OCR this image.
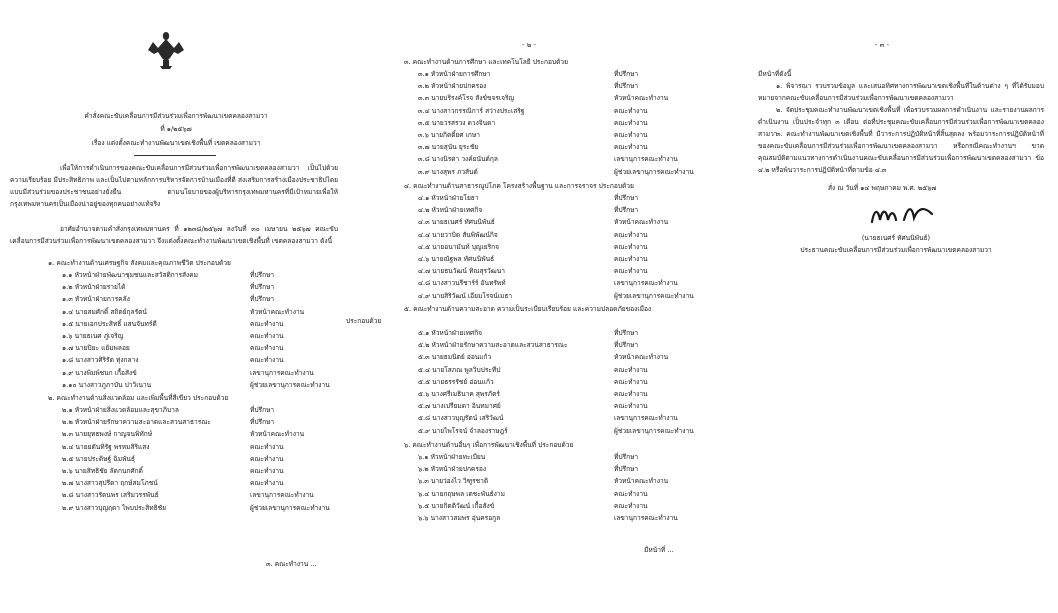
คำสั่งคณะขับเคลื่อนการมีส่วนร่วมเพื่อการพัฒนาเขตคลองสามวา
ที่ ๑/๒๕๖๗
เรื่อง แต่งตั้งคณะทำงานพัฒนาเขตเชิงพื้นที่ เขตคลองสามวา
เพื่อให้การดำเนินการของคณะขับเคลื่อนการมีส่วนร่วมเพื่อการพัฒนาเขตคลองสามวา เป็นไปด้วยความเรียบร้อย มีประสิทธิภาพ และเป็นไปตามหลักการบริหารจัดการบ้านเมืองที่ดี ส่งเสริมการสร้างเมืองประชาธิปไตยแบบมีส่วนร่วมของประชาชนอย่างยั่งยืน ตามนโยบายของผู้บริหารกรุงเทพมหานครที่มีเป้าหมายเพื่อให้กรุงเทพมหานครเป็นเมืองน่าอยู่ของทุกคนอย่างแท้จริง
อาศัยอำนาจตามคำสั่งกรุงเทพมหานคร ที่ ๑๒๓๘/๒๕๖๗ ลงวันที่ ๓๐ เมษายน ๒๕๖๗ คณะขับเคลื่อนการมีส่วนร่วมเพื่อการพัฒนาเขตคลองสามวา จึงแต่งตั้งคณะทำงานพัฒนาเขตเชิงพื้นที่ เขตคลองสามวา ดังนี้
๑. คณะทำงานด้านเศรษฐกิจ สังคมและคุณภาพชีวิต ประกอบด้วย
๑.๑ หัวหน้าฝ่ายพัฒนาชุมชนและสวัสดิการสังคม	ที่ปรึกษา
๑.๒ หัวหน้าฝ่ายรายได้	ที่ปรึกษา
๑.๓ หัวหน้าฝ่ายการคลัง	ที่ปรึกษา
๑.๔ นายสมศักดิ์ สถิตย์กุลรัตน์	หัวหน้าคณะทำงาน
๑.๕ นายเอกประสิทธิ์ แสนจันทร์ดี	คณะทำงาน
๑.๖ นายธเนศ ภู่เจริญ	คณะทำงาน
๑.๗ นายปิยะ แย้มพลอย	คณะทำงาน
๑.๘ นางสาวศิริรัต ทุ่งกลาง	คณะทำงาน
๑.๙ นางพิมพ์ชนก เกื้อสังข์	เลขานุการคณะทำงาน
๑.๑๐ นางสาวภูภาบัน ปาวิเนาน	ผู้ช่วยเลขานุการคณะทำงาน
๒. คณะทำงานด้านสิ่งแวดล้อม และเพิ่มพื้นที่สีเขียว ประกอบด้วย
๒.๑ หัวหน้าฝ่ายสิ่งแวดล้อมและสุขาภิบาล	ที่ปรึกษา
๒.๒ หัวหน้าฝ่ายรักษาความสะอาดและสวนสาธารณะ	ที่ปรึกษา
๒.๓ นายยุทธพงษ์ กาญจนพิทักษ์	หัวหน้าคณะทำงาน
๒.๔ นายยตันทิรัฐ พรหมสิริแสง	คณะทำงาน
๒.๕ นายประดิษฐ์ ฉิมพันธุ์	คณะทำงาน
๒.๖ นายสิทธิชัย ลัดกนกศักดิ์	คณะทำงาน
๒.๗ นางสาวสุปรีดา ฤกษ์สมโภชน์	คณะทำงาน
๒.๘ นางสาวรัตนพร เสริมวรรพันธ์	เลขานุการคณะทำงาน
๒.๙ นางสาวบุญฤดา ไพบประสิทธิชัย	ผู้ช่วยเลขานุการคณะทำงาน
๓. คณะทำงาน ...
- ๒ -
๓. คณะทำงานด้านการศึกษา และเทคโนโลยี ประกอบด้วย
๓.๑ หัวหน้าฝ่ายการศึกษา	ที่ปรึกษา
๓.๒ หัวหน้าฝ่ายปกครอง	ที่ปรึกษา
๓.๓ นายบริรงค์โรจ สังข์ขจรเจริญ	หัวหน้าคณะทำงาน
๓.๔ นางสาวกรรณิการ์ สว่างประเสริฐ	คณะทำงาน
๓.๕ นายวรสรวง ดวงจินดา	คณะทำงาน
๓.๖ นายกิตติ์ยศ เกษา	คณะทำงาน
๓.๗ นายสุนัน ยุระชัย	คณะทำงาน
๓.๘ นางนิรดา วงค์ยนันต์กุล	เลขานุการคณะทำงาน
๓.๙ นางสุพร ภวสันต์	ผู้ช่วยเลขานุการคณะทำงาน
๔. คณะทำงานด้านสาธารณูปโภค โครงสร้างพื้นฐาน และการจราจร ประกอบด้วย
๔.๑ หัวหน้าฝ่ายโยธา	ที่ปรึกษา
๔.๒ หัวหน้าฝ่ายเทศกิจ	ที่ปรึกษา
๔.๓ นายธเนศร์ ทัศนนิพันธ์	หัวหน้าคณะทำงาน
๔.๔ นายวาบิด สันพิพัฒน์กิจ	คณะทำงาน
๔.๕ นายอนามันท์ บุญเยริกจ	คณะทำงาน
๔.๖ นายณัฐพล ทัศนนิพันธ์	คณะทำงาน
๔.๗ นายธนวัฒน์ ทิณสุรวัฒนา	คณะทำงาน
๔.๘ นางสาวนรีชาร์ร์ อันทรัพท์	เลขานุการคณะทำงาน
๔.๙ นายสิริวัฒน์ เอียมโรจน์เมธา	ผู้ช่วยเลขานุการคณะทำงาน
๕. คณะทำงานด้านความสะอาด ความเป็นระเบียบเรียบร้อย และความปลอดภัยของเมือง
ประกอบด้วย
๕.๑ หัวหน้าฝ่ายเทศกิจ	ที่ปรึกษา
๕.๒ หัวหน้าฝ่ายรักษาความสะอาดและสวนสาธารณะ	ที่ปรึกษา
๕.๓ นายธมนิตย์ อ่อนแก้ว	หัวหน้าคณะทำงาน
๕.๔ นายโสภณ พูลวิบประทีป	คณะทำงาน
๕.๕ นายธรรรัชย์ อ่อนแก้ว	คณะทำงาน
๕.๖ นางศรีเมธินาค สุพรภัตร์	คณะทำงาน
๕.๗ นางเปรียมดา อินทมาศย์	คณะทำงาน
๕.๘ นางสาวบุญรัตน์ เสริวัฒน์	เลขานุการคณะทำงาน
๕.๙ นายไพโรจน์ จำลองราษฎร์	ผู้ช่วยเลขานุการคณะทำงาน
๖. คณะทำงานด้านอื่นๆ เพื่อการพัฒนาเชิงพื้นที่ ประกอบด้วย
๖.๑ หัวหน้าฝ่ายทะเบียน	ที่ปรึกษา
๖.๒ หัวหน้าฝ่ายปกครอง	ที่ปรึกษา
๖.๓ นายว่องไว วิฑูรชาติ	หัวหน้าคณะทำงาน
๖.๔ นายกฤษพล เตชะพันธ์งาม	คณะทำงาน
๖.๕ นายกิตติวัฒน์ เกื้อสังข์	คณะทำงาน
๖.๖ นางสาวสมพร อุ่นครอกูล	เลขานุการคณะทำงาน
มีหน้าที่ ...
- ๓ -
มีหน้าที่ดังนี้
๑. พิจารณา รวบรวมข้อมูล และเสนอทิศทางการพัฒนาเขตเชิงพื้นที่ในด้านต่าง ๆ ที่ได้รับมอบหมายจากคณะขับเคลื่อนการมีส่วนร่วมเพื่อการพัฒนาเขตคลองสามวา
๒. จัดประชุมคณะทำงานพัฒนาเขตเชิงพื้นที่ เพื่อรวบรวมผลการดำเนินงาน และรายงานผลการดำเนินงาน เป็นประจำทุก ๓ เดือน ต่อที่ประชุมคณะขับเคลื่อนการมีส่วนร่วมเพื่อการพัฒนาเขตคลองสามวา
๓. คณะทำงานพัฒนาเขตเชิงพื้นที่ มีวาระการปฏิบัติหน้าที่สิ้นสุดลง พร้อมวาระการปฏิบัติหน้าที่ของคณะขับเคลื่อนการมีส่วนร่วมเพื่อการพัฒนาเขตคลองสามวา หรือกรณีคณะทำงานฯ ขาดคุณสมบัติตามแนวทางการดำเนินงานคณะขับเคลื่อนการมีส่วนร่วมเพื่อการพัฒนาเขตคลองสามวา ข้อ ๔.๒ หรือพ้นวาระการปฏิบัติหน้าที่ตามข้อ ๔.๓
สั่ง ณ วันที่ ๑๔ พฤษภาคม พ.ศ. ๒๕๖๗
(นายธเนศร์ ทัศนนิพันธ์)
ประธานคณะขับเคลื่อนการมีส่วนร่วมเพื่อการพัฒนาเขตคลองสามวา
